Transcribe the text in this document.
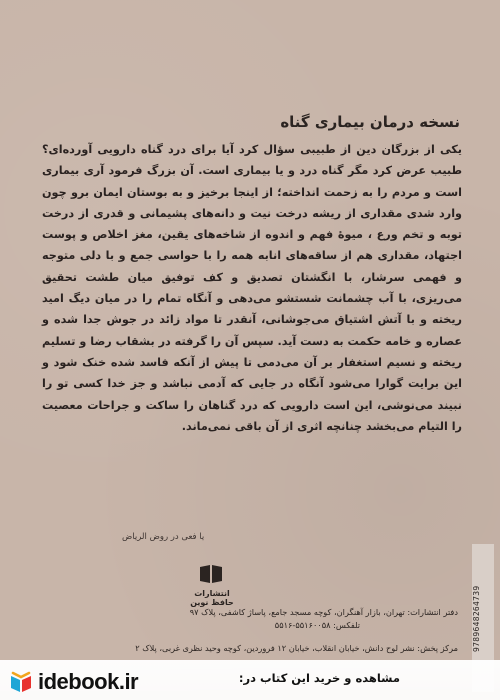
نسخه درمان بیماری گناه
یکی از بزرگان دین از طبیبی سؤال کرد آیا برای درد گناه دارویی آورده‌ای؟ طبیب عرض کرد مگر گناه درد و یا بیماری است. آن بزرگ فرمود آری بیماری است و مردم را به زحمت انداخته؛ از اینجا برخیز و به بوستان ایمان برو چون وارد شدی مقداری از ریشه درخت نیت و دانه‌های پشیمانی و قدری از درخت توبه و تخم ورع ، میوهٔ فهم و اندوه از شاخه‌های یقین، مغز اخلاص و پوست اجتهاد، مقداری هم از ساقه‌های انابه همه را با حواسی جمع و با دلی متوجه و فهمی سرشار، با انگشتان تصدیق و کف توفیق میان طشت تحقیق می‌ریزی، با آب چشمانت شستشو می‌دهی و آنگاه تمام را در میان دیگ امید ریخته و با آتش اشتیاق می‌جوشانی، آنقدر تا مواد زائد در جوش جدا شده و عصاره و خامه حکمت به دست آید. سپس آن را گرفته در بشقاب رضا و تسلیم ریخته و نسیم استغفار بر آن می‌دمی تا پیش از آنکه فاسد شده خنک شود و این برایت گوارا می‌شود آنگاه در جایی که آدمی نباشد و جز خدا کسی تو را نبیند می‌نوشی، این است دارویی که درد گناهان را ساکت و جراحات معصیت را التیام می‌بخشد چنانچه اثری از آن باقی نمی‌ماند.
یا فعی در روض الریاض
انتشارات حافظ نوین
دفتر انتشارات: تهران، بازار آهنگران، کوچه مسجد جامع، پاساژ کاشفی، پلاک ۹۷
تلفکس: ۵۵۱۶۰۰۵۸-۵۵۱۶
مرکز پخش: نشر لوح دانش، خیابان انقلاب، خیابان ۱۲ فروردین، کوچه وحید نظری غربی، پلاک ۲ 9789648264739
idebook.ir	مشاهده و خرید این کتاب در:
